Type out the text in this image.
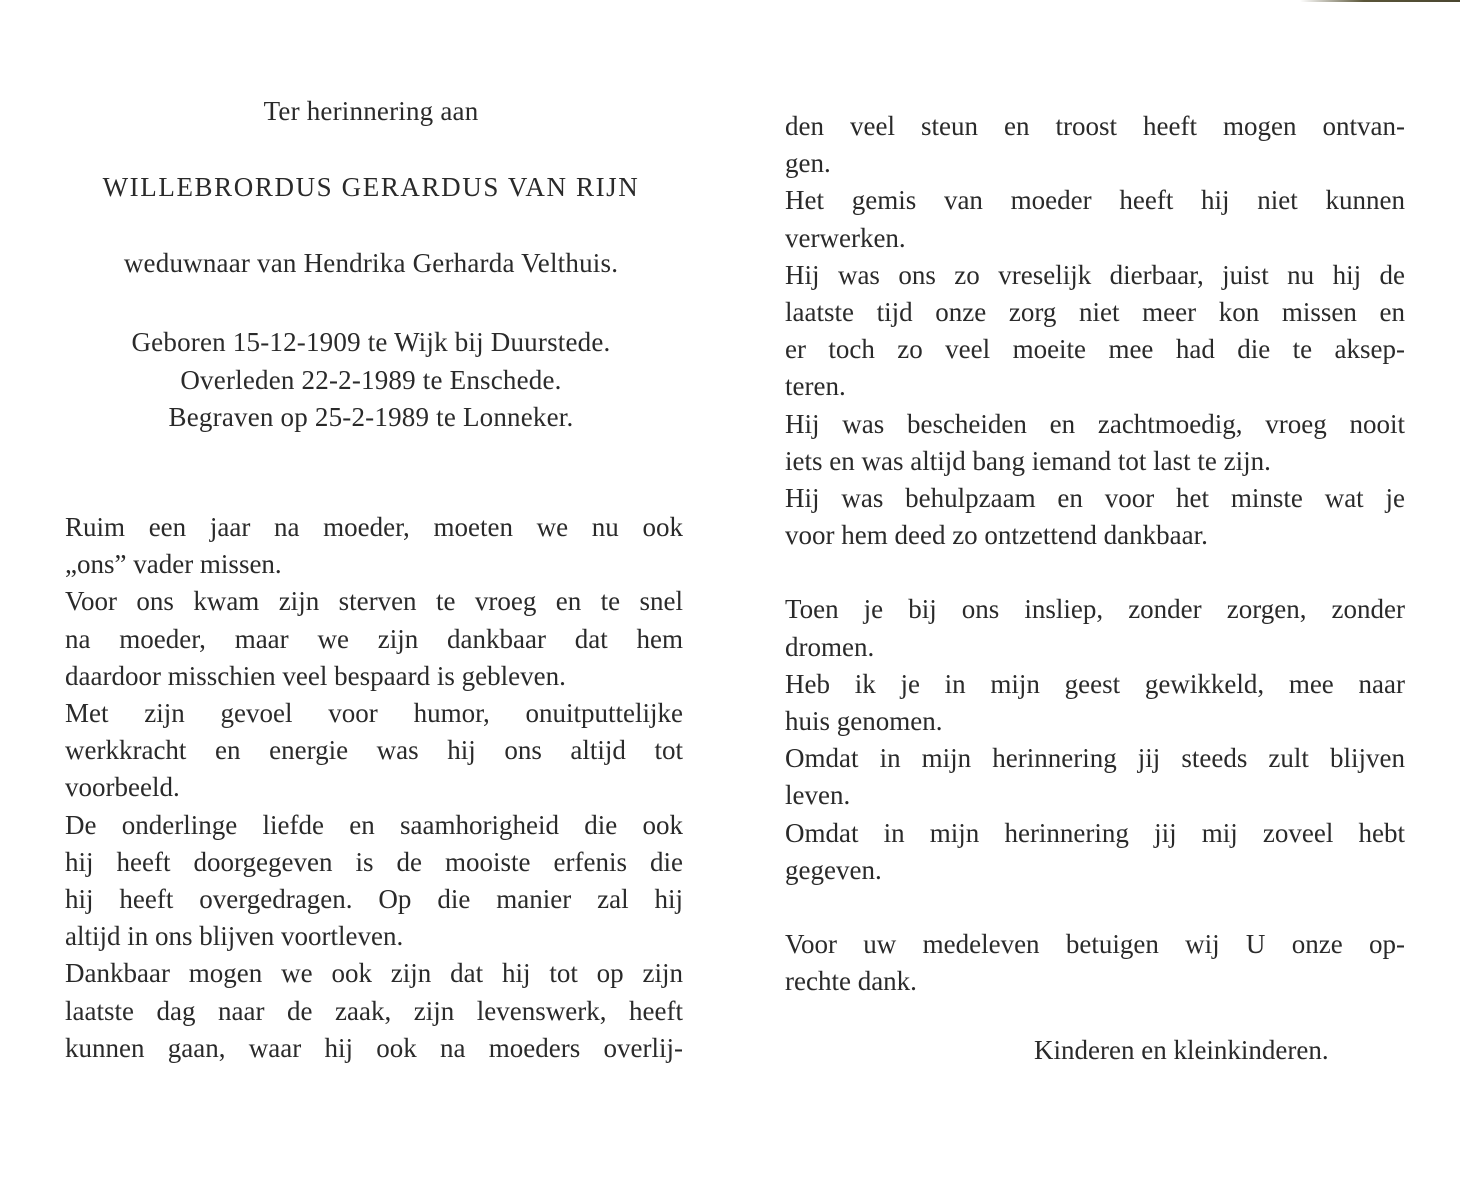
Ter herinnering aan
WILLEBRORDUS GERARDUS VAN RIJN
weduwnaar van Hendrika Gerharda Velthuis.
Geboren 15-12-1909 te Wijk bij Duurstede.
Overleden 22-2-1989 te Enschede.
Begraven op 25-2-1989 te Lonneker.

Ruim een jaar na moeder, moeten we nu ook
„ons” vader missen.

Voor ons kwam zijn sterven te vroeg en te snel
na moeder, maar we zijn dankbaar dat hem
daardoor misschien veel bespaard is gebleven.

Met zijn gevoel voor humor, onuitputtelijke
werkkracht en energie was hij ons altijd tot
voorbeeld.

De onderlinge liefde en saamhorigheid die ook
hij heeft doorgegeven is de mooiste erfenis die
hij heeft overgedragen. Op die manier zal hij
altijd in ons blijven voortleven.

Dankbaar mogen we ook zijn dat hij tot op zijn
laatste dag naar de zaak, zijn levenswerk, heeft
kunnen gaan, waar hij ook na moeders overlij-

den veel steun en troost heeft mogen ontvan-
gen.

Het gemis van moeder heeft hij niet kunnen
verwerken.

Hij was ons zo vreselijk dierbaar, juist nu hij de
laatste tijd onze zorg niet meer kon missen en
er toch zo veel moeite mee had die te aksep-
teren.

Hij was bescheiden en zachtmoedig, vroeg nooit
iets en was altijd bang iemand tot last te zijn.

Hij was behulpzaam en voor het minste wat je
voor hem deed zo ontzettend dankbaar.

Toen je bij ons insliep, zonder zorgen, zonder
dromen.

Heb ik je in mijn geest gewikkeld, mee naar
huis genomen.

Omdat in mijn herinnering jij steeds zult blijven
leven.

Omdat in mijn herinnering jij mij zoveel hebt
gegeven.

Voor uw medeleven betuigen wij U onze op-
rechte dank.

Kinderen en kleinkinderen.
